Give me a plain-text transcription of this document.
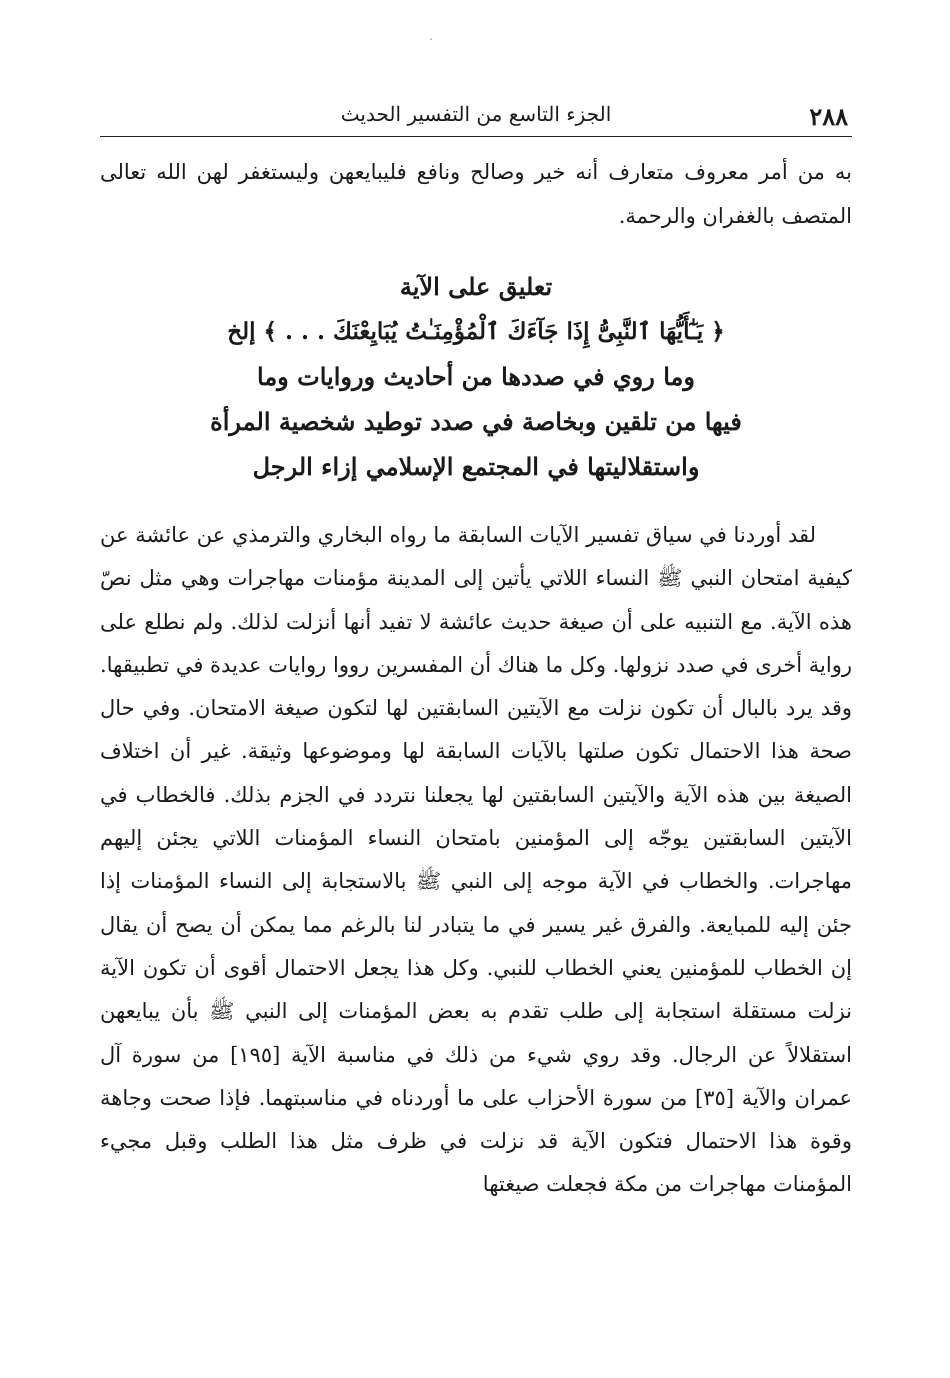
٢٨٨
الجزء التاسع من التفسير الحديث

به من أمر معروف متعارف أنه خير وصالح ونافع فليبايعهن وليستغفر لهن الله تعالى المتصف بالغفران والرحمة.

تعليق على الآية
﴿ يَـٰٓأَيُّهَا ٱلنَّبِىُّ إِذَا جَآءَكَ ٱلْمُؤْمِنَـٰتُ يُبَايِعْنَكَ . . . ﴾ إلخ
وما روي في صددها من أحاديث وروايات وما
فيها من تلقين وبخاصة في صدد توطيد شخصية المرأة
واستقلاليتها في المجتمع الإسلامي إزاء الرجل

لقد أوردنا في سياق تفسير الآيات السابقة ما رواه البخاري والترمذي عن عائشة عن كيفية امتحان النبي ﷺ النساء اللاتي يأتين إلى المدينة مؤمنات مهاجرات وهي مثل نصّ هذه الآية. مع التنبيه على أن صيغة حديث عائشة لا تفيد أنها أنزلت لذلك. ولم نطلع على رواية أخرى في صدد نزولها. وكل ما هناك أن المفسرين رووا روايات عديدة في تطبيقها. وقد يرد بالبال أن تكون نزلت مع الآيتين السابقتين لها لتكون صيغة الامتحان. وفي حال صحة هذا الاحتمال تكون صلتها بالآيات السابقة لها وموضوعها وثيقة. غير أن اختلاف الصيغة بين هذه الآية والآيتين السابقتين لها يجعلنا نتردد في الجزم بذلك. فالخطاب في الآيتين السابقتين يوجّه إلى المؤمنين بامتحان النساء المؤمنات اللاتي يجئن إليهم مهاجرات. والخطاب في الآية موجه إلى النبي ﷺ بالاستجابة إلى النساء المؤمنات إذا جئن إليه للمبايعة. والفرق غير يسير في ما يتبادر لنا بالرغم مما يمكن أن يصح أن يقال إن الخطاب للمؤمنين يعني الخطاب للنبي. وكل هذا يجعل الاحتمال أقوى أن تكون الآية نزلت مستقلة استجابة إلى طلب تقدم به بعض المؤمنات إلى النبي ﷺ بأن يبايعهن استقلالاً عن الرجال. وقد روي شيء من ذلك في مناسبة الآية [١٩٥] من سورة آل عمران والآية [٣٥] من سورة الأحزاب على ما أوردناه في مناسبتهما. فإذا صحت وجاهة وقوة هذا الاحتمال فتكون الآية قد نزلت في ظرف مثل هذا الطلب وقبل مجيء المؤمنات مهاجرات من مكة فجعلت صيغتها
